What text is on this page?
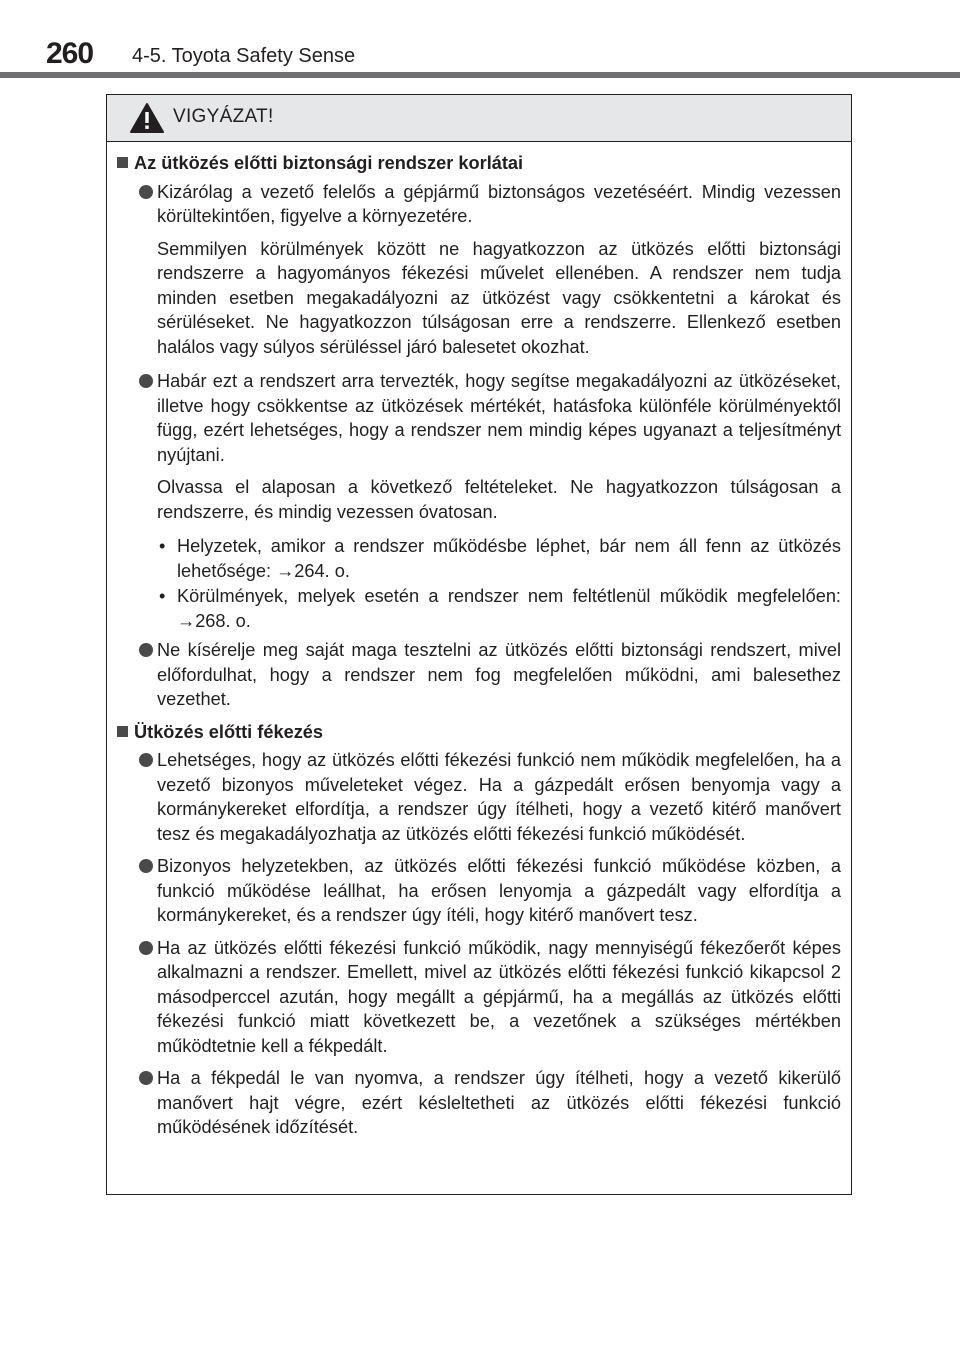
260 4-5. Toyota Safety Sense
VIGYÁZAT!
Az ütközés előtti biztonsági rendszer korlátai
Kizárólag a vezető felelős a gépjármű biztonságos vezetéséért. Mindig vezessen körültekintően, figyelve a környezetére.
Semmilyen körülmények között ne hagyatkozzon az ütközés előtti biztonsági rendszerre a hagyományos fékezési művelet ellenében. A rendszer nem tudja minden esetben megakadályozni az ütközést vagy csökkentetni a károkat és sérüléseket. Ne hagyatkozzon túlságosan erre a rendszerre. Ellenkező esetben halálos vagy súlyos sérüléssel járó balesetet okozhat.
Habár ezt a rendszert arra tervezték, hogy segítse megakadályozni az ütközéseket, illetve hogy csökkentse az ütközések mértékét, hatásfoka különféle körülményektől függ, ezért lehetséges, hogy a rendszer nem mindig képes ugyanazt a teljesítményt nyújtani.
Olvassa el alaposan a következő feltételeket. Ne hagyatkozzon túlságosan a rendszerre, és mindig vezessen óvatosan.
• Helyzetek, amikor a rendszer működésbe léphet, bár nem áll fenn az ütközés lehetősége: →264. o.
• Körülmények, melyek esetén a rendszer nem feltétlenül működik megfelelően: →268. o.
Ne kísérelje meg saját maga tesztelni az ütközés előtti biztonsági rendszert, mivel előfordulhat, hogy a rendszer nem fog megfelelően működni, ami balesethez vezethet.
Ütközés előtti fékezés
Lehetséges, hogy az ütközés előtti fékezési funkció nem működik megfelelően, ha a vezető bizonyos műveleteket végez. Ha a gázpedált erősen benyomja vagy a kormánykereket elfordítja, a rendszer úgy ítélheti, hogy a vezető kitérő manővert tesz és megakadályozhatja az ütközés előtti fékezési funkció működését.
Bizonyos helyzetekben, az ütközés előtti fékezési funkció működése közben, a funkció működése leállhat, ha erősen lenyomja a gázpedált vagy elfordítja a kormánykereket, és a rendszer úgy ítéli, hogy kitérő manővert tesz.
Ha az ütközés előtti fékezési funkció működik, nagy mennyiségű fékezőerőt képes alkalmazni a rendszer. Emellett, mivel az ütközés előtti fékezési funkció kikapcsol 2 másodperccel azután, hogy megállt a gépjármű, ha a megállás az ütközés előtti fékezési funkció miatt következett be, a vezetőnek a szükséges mértékben működtetnie kell a fékpedált.
Ha a fékpedál le van nyomva, a rendszer úgy ítélheti, hogy a vezető kikerülő manővert hajt végre, ezért késleltetheti az ütközés előtti fékezési funkció működésének időzítését.
